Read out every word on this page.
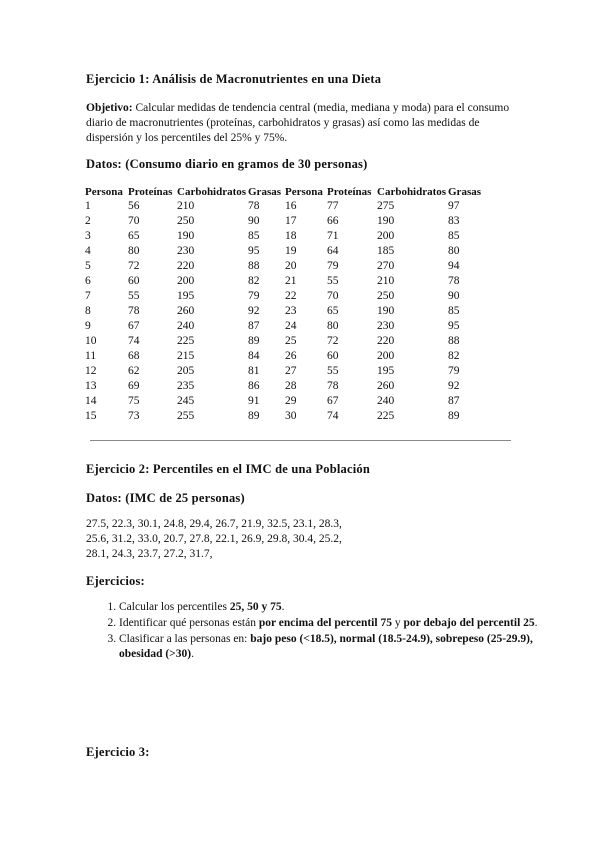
Ejercicio 1: Análisis de Macronutrientes en una Dieta
Objetivo: Calcular medidas de tendencia central (media, mediana y moda) para el consumo diario de macronutrientes (proteínas, carbohidratos y grasas) así como las medidas de dispersión y los percentiles del 25% y 75%.
Datos: (Consumo diario en gramos de 30 personas)
Persona	Proteínas	Carbohidratos	Grasas	Persona	Proteínas	Carbohidratos	Grasas
1	56	210	78	16	77	275	97
2	70	250	90	17	66	190	83
3	65	190	85	18	71	200	85
4	80	230	95	19	64	185	80
5	72	220	88	20	79	270	94
6	60	200	82	21	55	210	78
7	55	195	79	22	70	250	90
8	78	260	92	23	65	190	85
9	67	240	87	24	80	230	95
10	74	225	89	25	72	220	88
11	68	215	84	26	60	200	82
12	62	205	81	27	55	195	79
13	69	235	86	28	78	260	92
14	75	245	91	29	67	240	87
15	73	255	89	30	74	225	89
Ejercicio 2: Percentiles en el IMC de una Población
Datos: (IMC de 25 personas)
27.5, 22.3, 30.1, 24.8, 29.4, 26.7, 21.9, 32.5, 23.1, 28.3,
25.6, 31.2, 33.0, 20.7, 27.8, 22.1, 26.9, 29.8, 30.4, 25.2,
28.1, 24.3, 23.7, 27.2, 31.7,
Ejercicios:
1. Calcular los percentiles 25, 50 y 75.
2. Identificar qué personas están por encima del percentil 75 y por debajo del percentil 25.
3. Clasificar a las personas en: bajo peso (<18.5), normal (18.5-24.9), sobrepeso (25-29.9), obesidad (>30).
Ejercicio 3:
